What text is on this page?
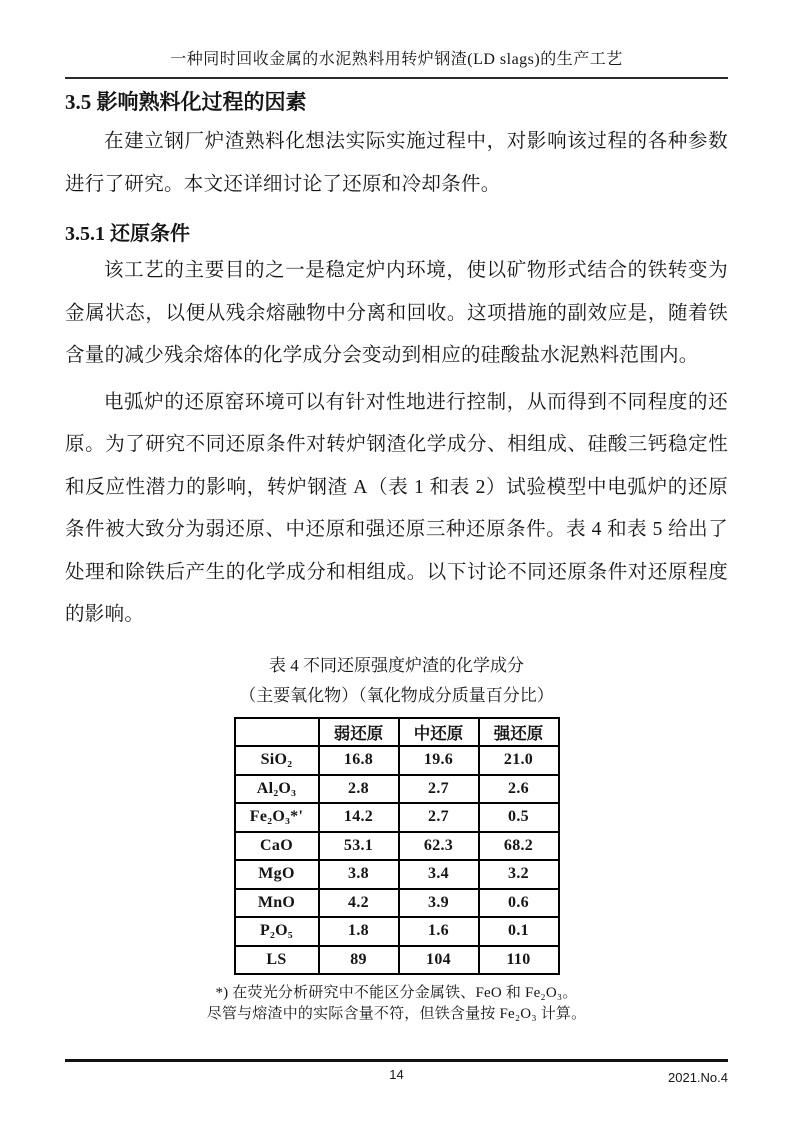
一种同时回收金属的水泥熟料用转炉钢渣(LD slags)的生产工艺
3.5 影响熟料化过程的因素

在建立钢厂炉渣熟料化想法实际实施过程中，对影响该过程的各种参数进行了研究。本文还详细讨论了还原和冷却条件。

3.5.1 还原条件

该工艺的主要目的之一是稳定炉内环境，使以矿物形式结合的铁转变为金属状态，以便从残余熔融物中分离和回收。这项措施的副效应是，随着铁含量的减少残余熔体的化学成分会变动到相应的硅酸盐水泥熟料范围内。

电弧炉的还原窑环境可以有针对性地进行控制，从而得到不同程度的还原。为了研究不同还原条件对转炉钢渣化学成分、相组成、硅酸三钙稳定性和反应性潜力的影响，转炉钢渣 A（表 1 和表 2）试验模型中电弧炉的还原条件被大致分为弱还原、中还原和强还原三种还原条件。表 4 和表 5 给出了处理和除铁后产生的化学成分和相组成。以下讨论不同还原条件对还原程度的影响。

表 4 不同还原强度炉渣的化学成分
（主要氧化物）（氧化物成分质量百分比）
	弱还原	中还原	强还原
SiO₂	16.8	19.6	21.0
Al₂O₃	2.8	2.7	2.6
Fe₂O₃*'	14.2	2.7	0.5
CaO	53.1	62.3	68.2
MgO	3.8	3.4	3.2
MnO	4.2	3.9	0.6
P₂O₅	1.8	1.6	0.1
LS	89	104	110
*) 在荧光分析研究中不能区分金属铁、FeO 和 Fe₂O₃。
尽管与熔渣中的实际含量不符，但铁含量按 Fe₂O₃ 计算。
14	2021.No.4
